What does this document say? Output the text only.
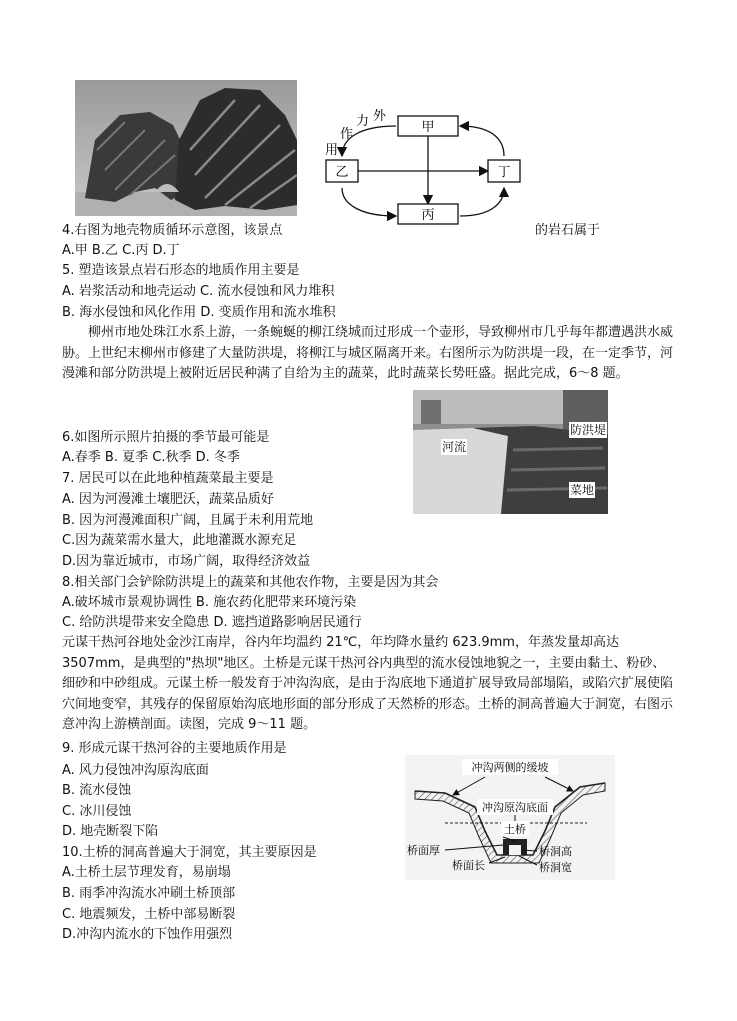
甲
乙
丙
丁
作
用
力 外
4.右图为地壳物质循环示意图，该景点	的岩石属于
A.甲 B.乙 C.丙 D.丁
5. 塑造该景点岩石形态的地质作用主要是
A. 岩浆活动和地壳运动 C. 流水侵蚀和风力堆积
B. 海水侵蚀和风化作用 D. 变质作用和流水堆积
柳州市地处珠江水系上游，一条蜿蜒的柳江绕城而过形成一个壶形，导致柳州市几乎每年都遭遇洪水威胁。上世纪末柳州市修建了大量防洪堤，将柳江与城区隔离开来。右图所示为防洪堤一段，在一定季节，河漫滩和部分防洪堤上被附近居民种满了自给为主的蔬菜，此时蔬菜长势旺盛。据此完成，6～8 题。
防洪堤
河流
菜地
6.如图所示照片拍摄的季节最可能是
A.春季 B. 夏季 C.秋季 D. 冬季
7. 居民可以在此地种植蔬菜最主要是
A. 因为河漫滩土壤肥沃，蔬菜品质好
B. 因为河漫滩面积广阔，且属于未利用荒地
C.因为蔬菜需水量大，此地灌溉水源充足
D.因为靠近城市，市场广阔，取得经济效益
8.相关部门会铲除防洪堤上的蔬菜和其他农作物，主要是因为其会
A.破坏城市景观协调性 B. 施农药化肥带来环境污染
C. 给防洪堤带来安全隐患 D. 遮挡道路影响居民通行
元谋干热河谷地处金沙江南岸，谷内年均温约 21℃，年均降水量约 623.9mm，年蒸发量却高达3507mm，是典型的"热坝"地区。土桥是元谋干热河谷内典型的流水侵蚀地貌之一，主要由黏土、粉砂、细砂和中砂组成。元谋土桥一般发育于冲沟沟底，是由于沟底地下通道扩展导致局部塌陷，或陷穴扩展使陷穴间地变窄，其残存的保留原始沟底地形面的部分形成了天然桥的形态。土桥的洞高普遍大于洞宽，右图示意冲沟上游横剖面。读图，完成 9～11 题。
9. 形成元谋干热河谷的主要地质作用是
A. 风力侵蚀冲沟原沟底面
B. 流水侵蚀
C. 冰川侵蚀
D. 地壳断裂下陷
10.土桥的洞高普遍大于洞宽，其主要原因是
A.土桥土层节理发育，易崩塌
B. 雨季冲沟流水冲刷土桥顶部
C. 地震频发，土桥中部易断裂
D.冲沟内流水的下蚀作用强烈
冲沟两侧的缓坡
冲沟原沟底面
土桥
桥面厚
桥面长
桥洞高
桥洞宽
